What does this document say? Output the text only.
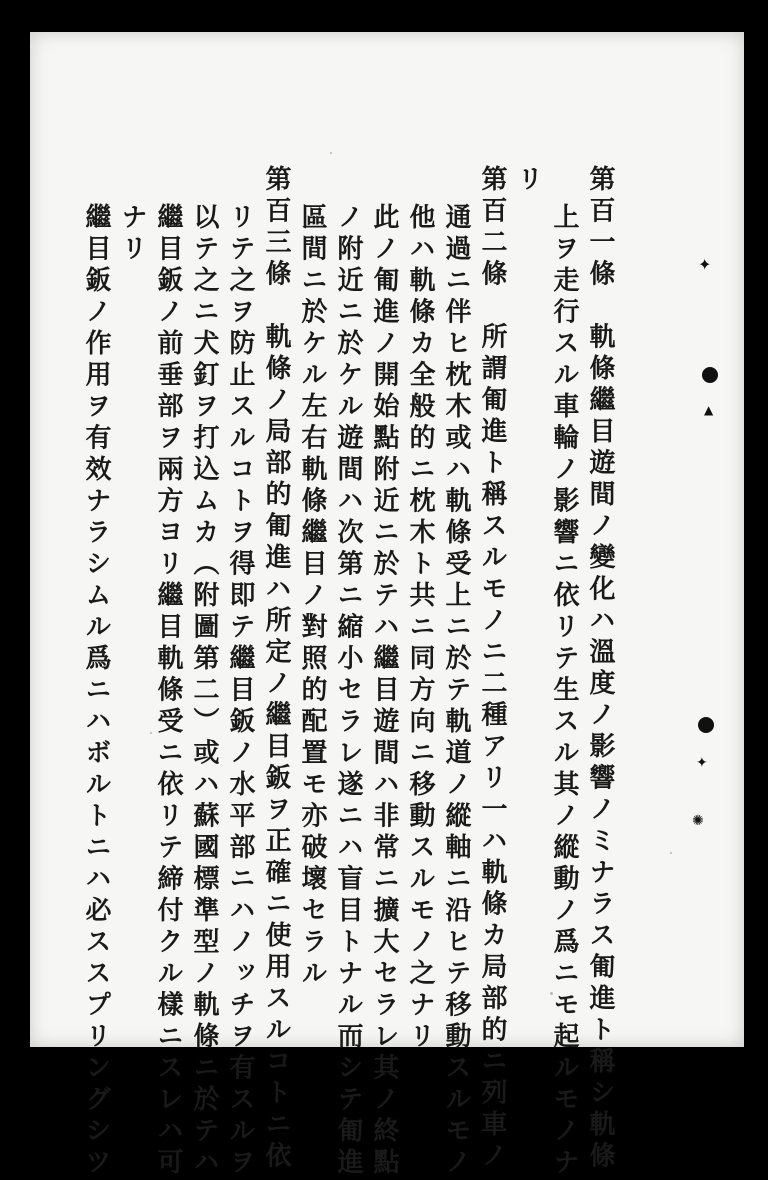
第百一條　軌條繼目遊間ノ變化ハ溫度ノ影響ノミナラス匍進ト稱シ軌條
上ヲ走行スル車輪ノ影響ニ依リテ生スル其ノ縱動ノ爲ニモ起ルモノナ
リ
第百二條　所謂匍進ト稱スルモノニ二種アリ一ハ軌條カ局部的ニ列車ノ
通過ニ伴ヒ枕木或ハ軌條受上ニ於テ軌道ノ縱軸ニ沿ヒテ移動スルモノ
他ハ軌條カ全般的ニ枕木ト共ニ同方向ニ移動スルモノ之ナリ
此ノ匍進ノ開始點附近ニ於テハ繼目遊間ハ非常ニ擴大セラレ其ノ終點
ノ附近ニ於ケル遊間ハ次第ニ縮小セラレ遂ニハ盲目トナル而シテ匍進
區間ニ於ケル左右軌條繼目ノ對照的配置モ亦破壞セラル
第百三條　軌條ノ局部的匍進ハ所定ノ繼目鈑ヲ正確ニ使用スルコトニ依
リテ之ヲ防止スルコトヲ得即テ繼目鈑ノ水平部ニハノッチヲ有スルヲ
以テ之ニ犬釘ヲ打込ムカ（附圖第二）或ハ蘇國標準型ノ軌條ニ於テハ
繼目鈑ノ前垂部ヲ兩方ヨリ繼目軌條受ニ依リテ締付クル樣ニスレハ可
ナリ
繼目鈑ノ作用ヲ有效ナラシムル爲ニハボルトニハ必ススプリングシツ	✦
▲
✦
✺
